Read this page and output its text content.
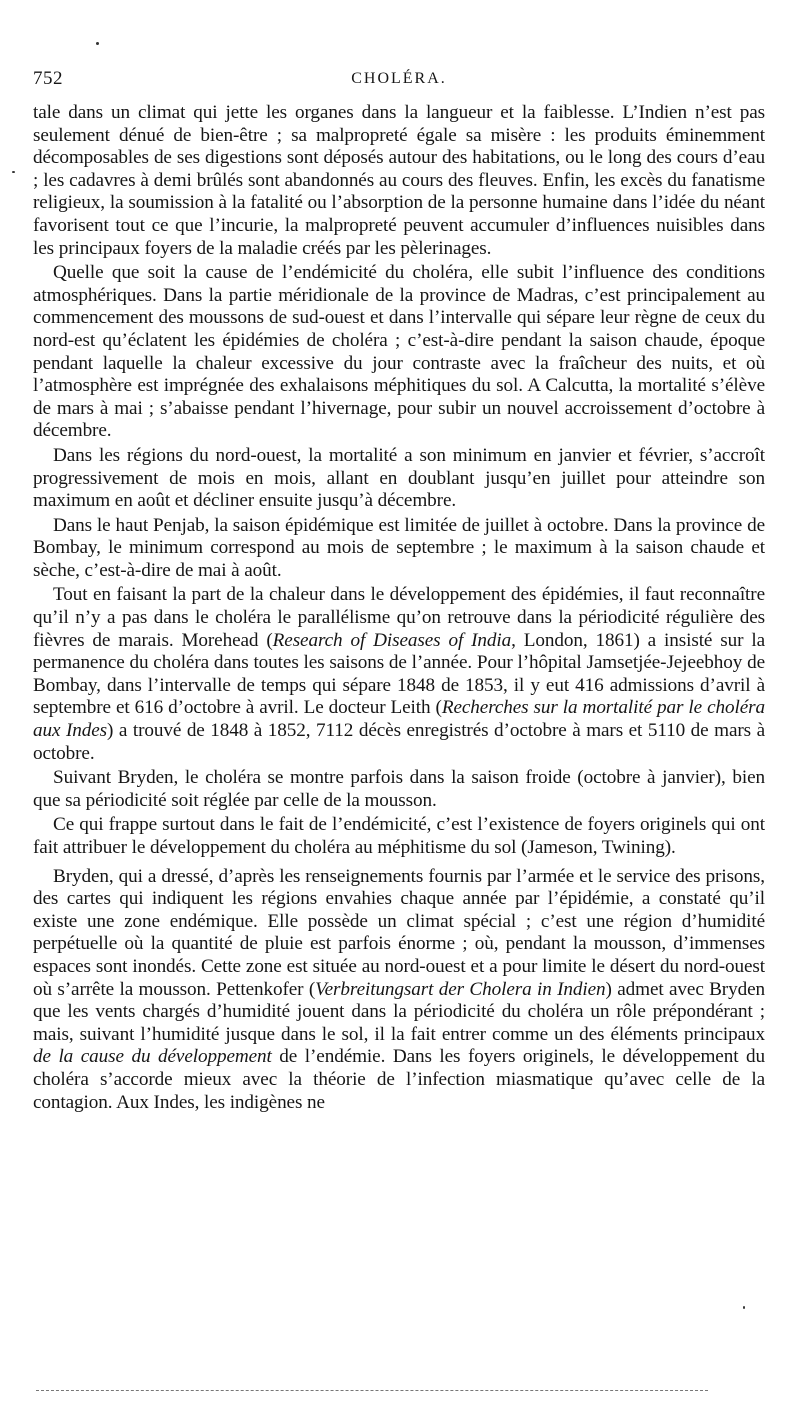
752	CHOLÉRA.

tale dans un climat qui jette les organes dans la langueur et la faiblesse. L’Indien n’est pas seulement dénué de bien-être ; sa malpropreté égale sa misère : les produits éminemment décomposables de ses digestions sont déposés autour des habitations, ou le long des cours d’eau ; les cadavres à demi brûlés sont abandonnés au cours des fleuves. Enfin, les excès du fanatisme religieux, la soumission à la fatalité ou l’absorption de la personne humaine dans l’idée du néant favorisent tout ce que l’incurie, la malpropreté peuvent accumuler d’influences nuisibles dans les principaux foyers de la maladie créés par les pèlerinages.

Quelle que soit la cause de l’endémicité du choléra, elle subit l’influence des conditions atmosphériques. Dans la partie méridionale de la province de Madras, c’est principalement au commencement des moussons de sud-ouest et dans l’intervalle qui sépare leur règne de ceux du nord-est qu’éclatent les épidémies de choléra ; c’est-à-dire pendant la saison chaude, époque pendant laquelle la chaleur excessive du jour contraste avec la fraîcheur des nuits, et où l’atmosphère est imprégnée des exhalaisons méphitiques du sol. A Calcutta, la mortalité s’élève de mars à mai ; s’abaisse pendant l’hivernage, pour subir un nouvel accroissement d’octobre à décembre.

Dans les régions du nord-ouest, la mortalité a son minimum en janvier et février, s’accroît progressivement de mois en mois, allant en doublant jusqu’en juillet pour atteindre son maximum en août et décliner ensuite jusqu’à décembre.

Dans le haut Penjab, la saison épidémique est limitée de juillet à octobre. Dans la province de Bombay, le minimum correspond au mois de septembre ; le maximum à la saison chaude et sèche, c’est-à-dire de mai à août.

Tout en faisant la part de la chaleur dans le développement des épidémies, il faut reconnaître qu’il n’y a pas dans le choléra le parallélisme qu’on retrouve dans la périodicité régulière des fièvres de marais. Morehead (Research of Diseases of India, London, 1861) a insisté sur la permanence du choléra dans toutes les saisons de l’année. Pour l’hôpital Jamsetjée-Jejeebhoy de Bombay, dans l’intervalle de temps qui sépare 1848 de 1853, il y eut 416 admissions d’avril à septembre et 616 d’octobre à avril. Le docteur Leith (Recherches sur la mortalité par le choléra aux Indes) a trouvé de 1848 à 1852, 7112 décès enregistrés d’octobre à mars et 5110 de mars à octobre.

Suivant Bryden, le choléra se montre parfois dans la saison froide (octobre à janvier), bien que sa périodicité soit réglée par celle de la mousson.

Ce qui frappe surtout dans le fait de l’endémicité, c’est l’existence de foyers originels qui ont fait attribuer le développement du choléra au méphitisme du sol (Jameson, Twining).

Bryden, qui a dressé, d’après les renseignements fournis par l’armée et le service des prisons, des cartes qui indiquent les régions envahies chaque année par l’épidémie, a constaté qu’il existe une zone endémique. Elle possède un climat spécial ; c’est une région d’humidité perpétuelle où la quantité de pluie est parfois énorme ; où, pendant la mousson, d’immenses espaces sont inondés. Cette zone est située au nord-ouest et a pour limite le désert du nord-ouest où s’arrête la mousson. Pettenkofer (Verbreitungsart der Cholera in Indien) admet avec Bryden que les vents chargés d’humidité jouent dans la périodicité du choléra un rôle prépondérant ; mais, suivant l’humidité jusque dans le sol, il la fait entrer comme un des éléments principaux de la cause du développement de l’endémie. Dans les foyers originels, le développement du choléra s’accorde mieux avec la théorie de l’infection miasmatique qu’avec celle de la contagion. Aux Indes, les indigènes ne
